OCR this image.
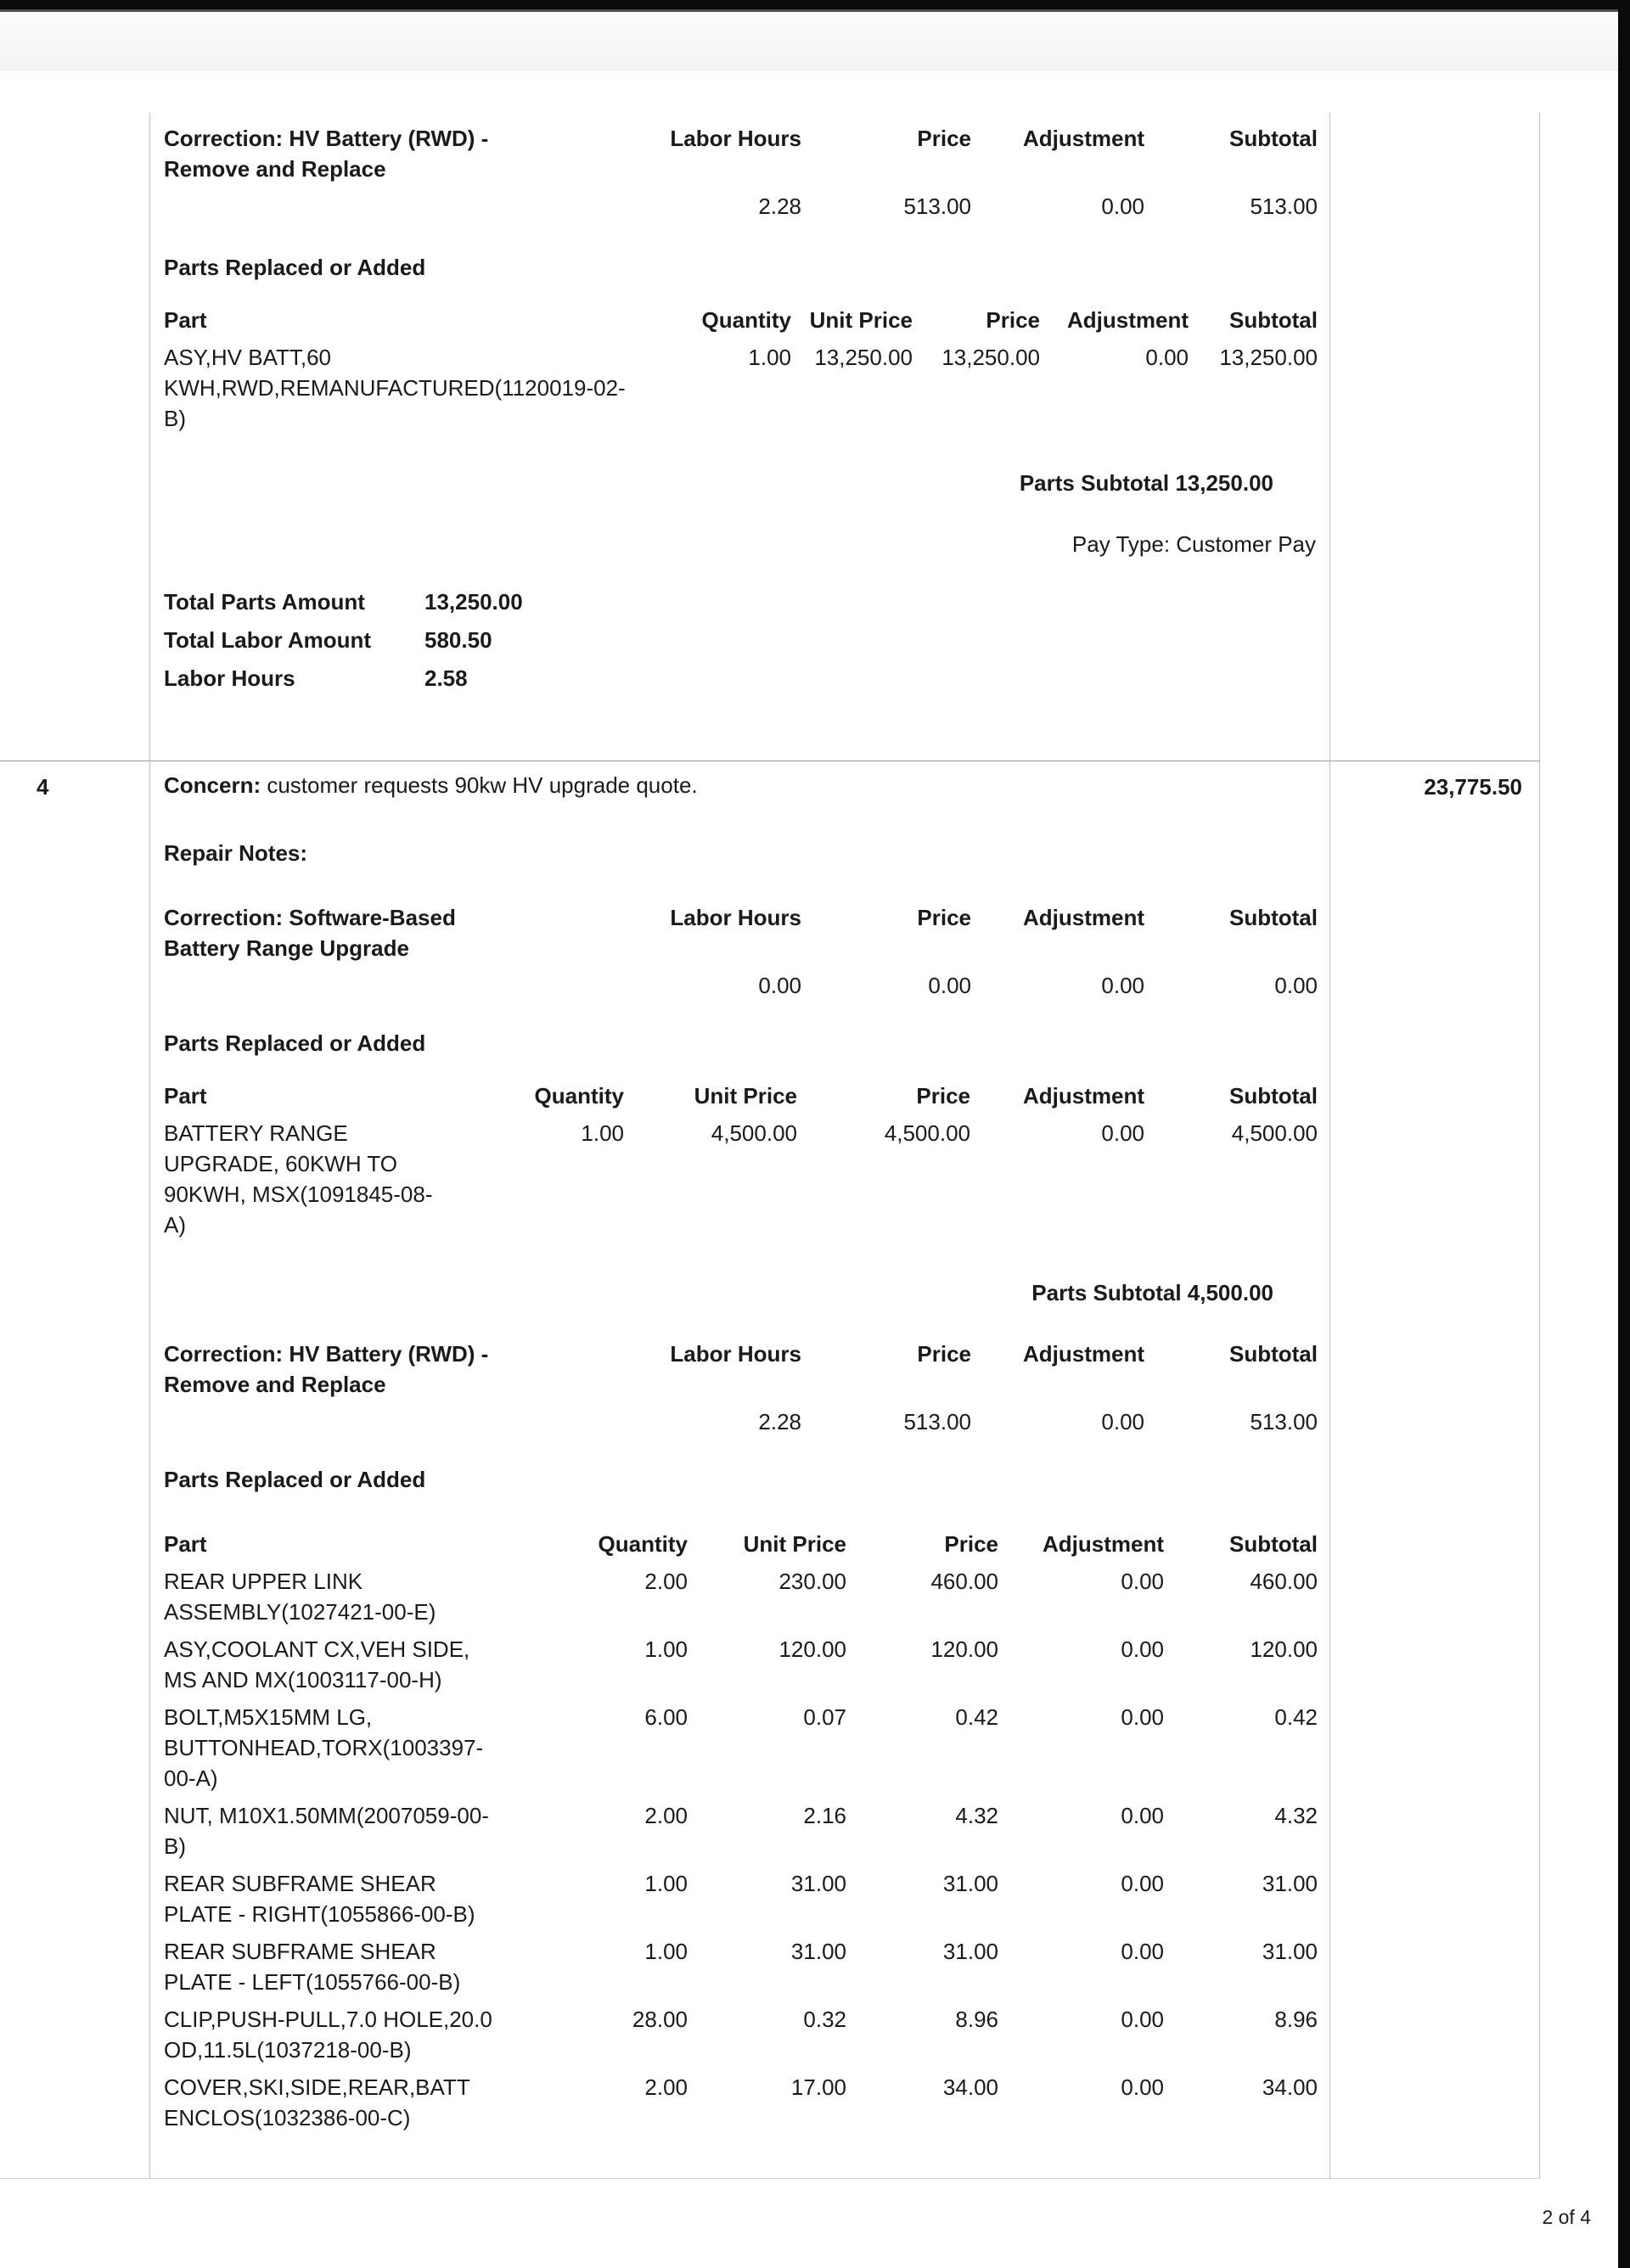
Correction: HV Battery (RWD) - Remove and Replace	Labor Hours	Price	Adjustment	Subtotal
	2.28	513.00	0.00	513.00
Parts Replaced or Added
Part	Quantity	Unit Price	Price	Adjustment	Subtotal
ASY,HV BATT,60 KWH,RWD,REMANUFACTURED(1120019-02-B)	1.00	13,250.00	13,250.00	0.00	13,250.00
Parts Subtotal 13,250.00
Pay Type: Customer Pay
Total Parts Amount	13,250.00
Total Labor Amount	580.50
Labor Hours	2.58
4	Concern: customer requests 90kw HV upgrade quote.
Repair Notes:
Correction: Software-Based Battery Range Upgrade	Labor Hours	Price	Adjustment	Subtotal
	0.00	0.00	0.00	0.00
Parts Replaced or Added
Part	Quantity	Unit Price	Price	Adjustment	Subtotal
BATTERY RANGE UPGRADE, 60KWH TO 90KWH, MSX(1091845-08-A)	1.00	4,500.00	4,500.00	0.00	4,500.00
Parts Subtotal 4,500.00
Correction: HV Battery (RWD) - Remove and Replace	Labor Hours	Price	Adjustment	Subtotal
	2.28	513.00	0.00	513.00
Parts Replaced or Added
Part	Quantity	Unit Price	Price	Adjustment	Subtotal
REAR UPPER LINK ASSEMBLY(1027421-00-E)	2.00	230.00	460.00	0.00	460.00
ASY,COOLANT CX,VEH SIDE, MS AND MX(1003117-00-H)	1.00	120.00	120.00	0.00	120.00
BOLT,M5X15MM LG, BUTTONHEAD,TORX(1003397-00-A)	6.00	0.07	0.42	0.00	0.42
NUT, M10X1.50MM(2007059-00-B)	2.00	2.16	4.32	0.00	4.32
REAR SUBFRAME SHEAR PLATE - RIGHT(1055866-00-B)	1.00	31.00	31.00	0.00	31.00
REAR SUBFRAME SHEAR PLATE - LEFT(1055766-00-B)	1.00	31.00	31.00	0.00	31.00
CLIP,PUSH-PULL,7.0 HOLE,20.0 OD,11.5L(1037218-00-B)	28.00	0.32	8.96	0.00	8.96
COVER,SKI,SIDE,REAR,BATT ENCLOS(1032386-00-C)	2.00	17.00	34.00	0.00	34.00
23,775.50
2 of 4
